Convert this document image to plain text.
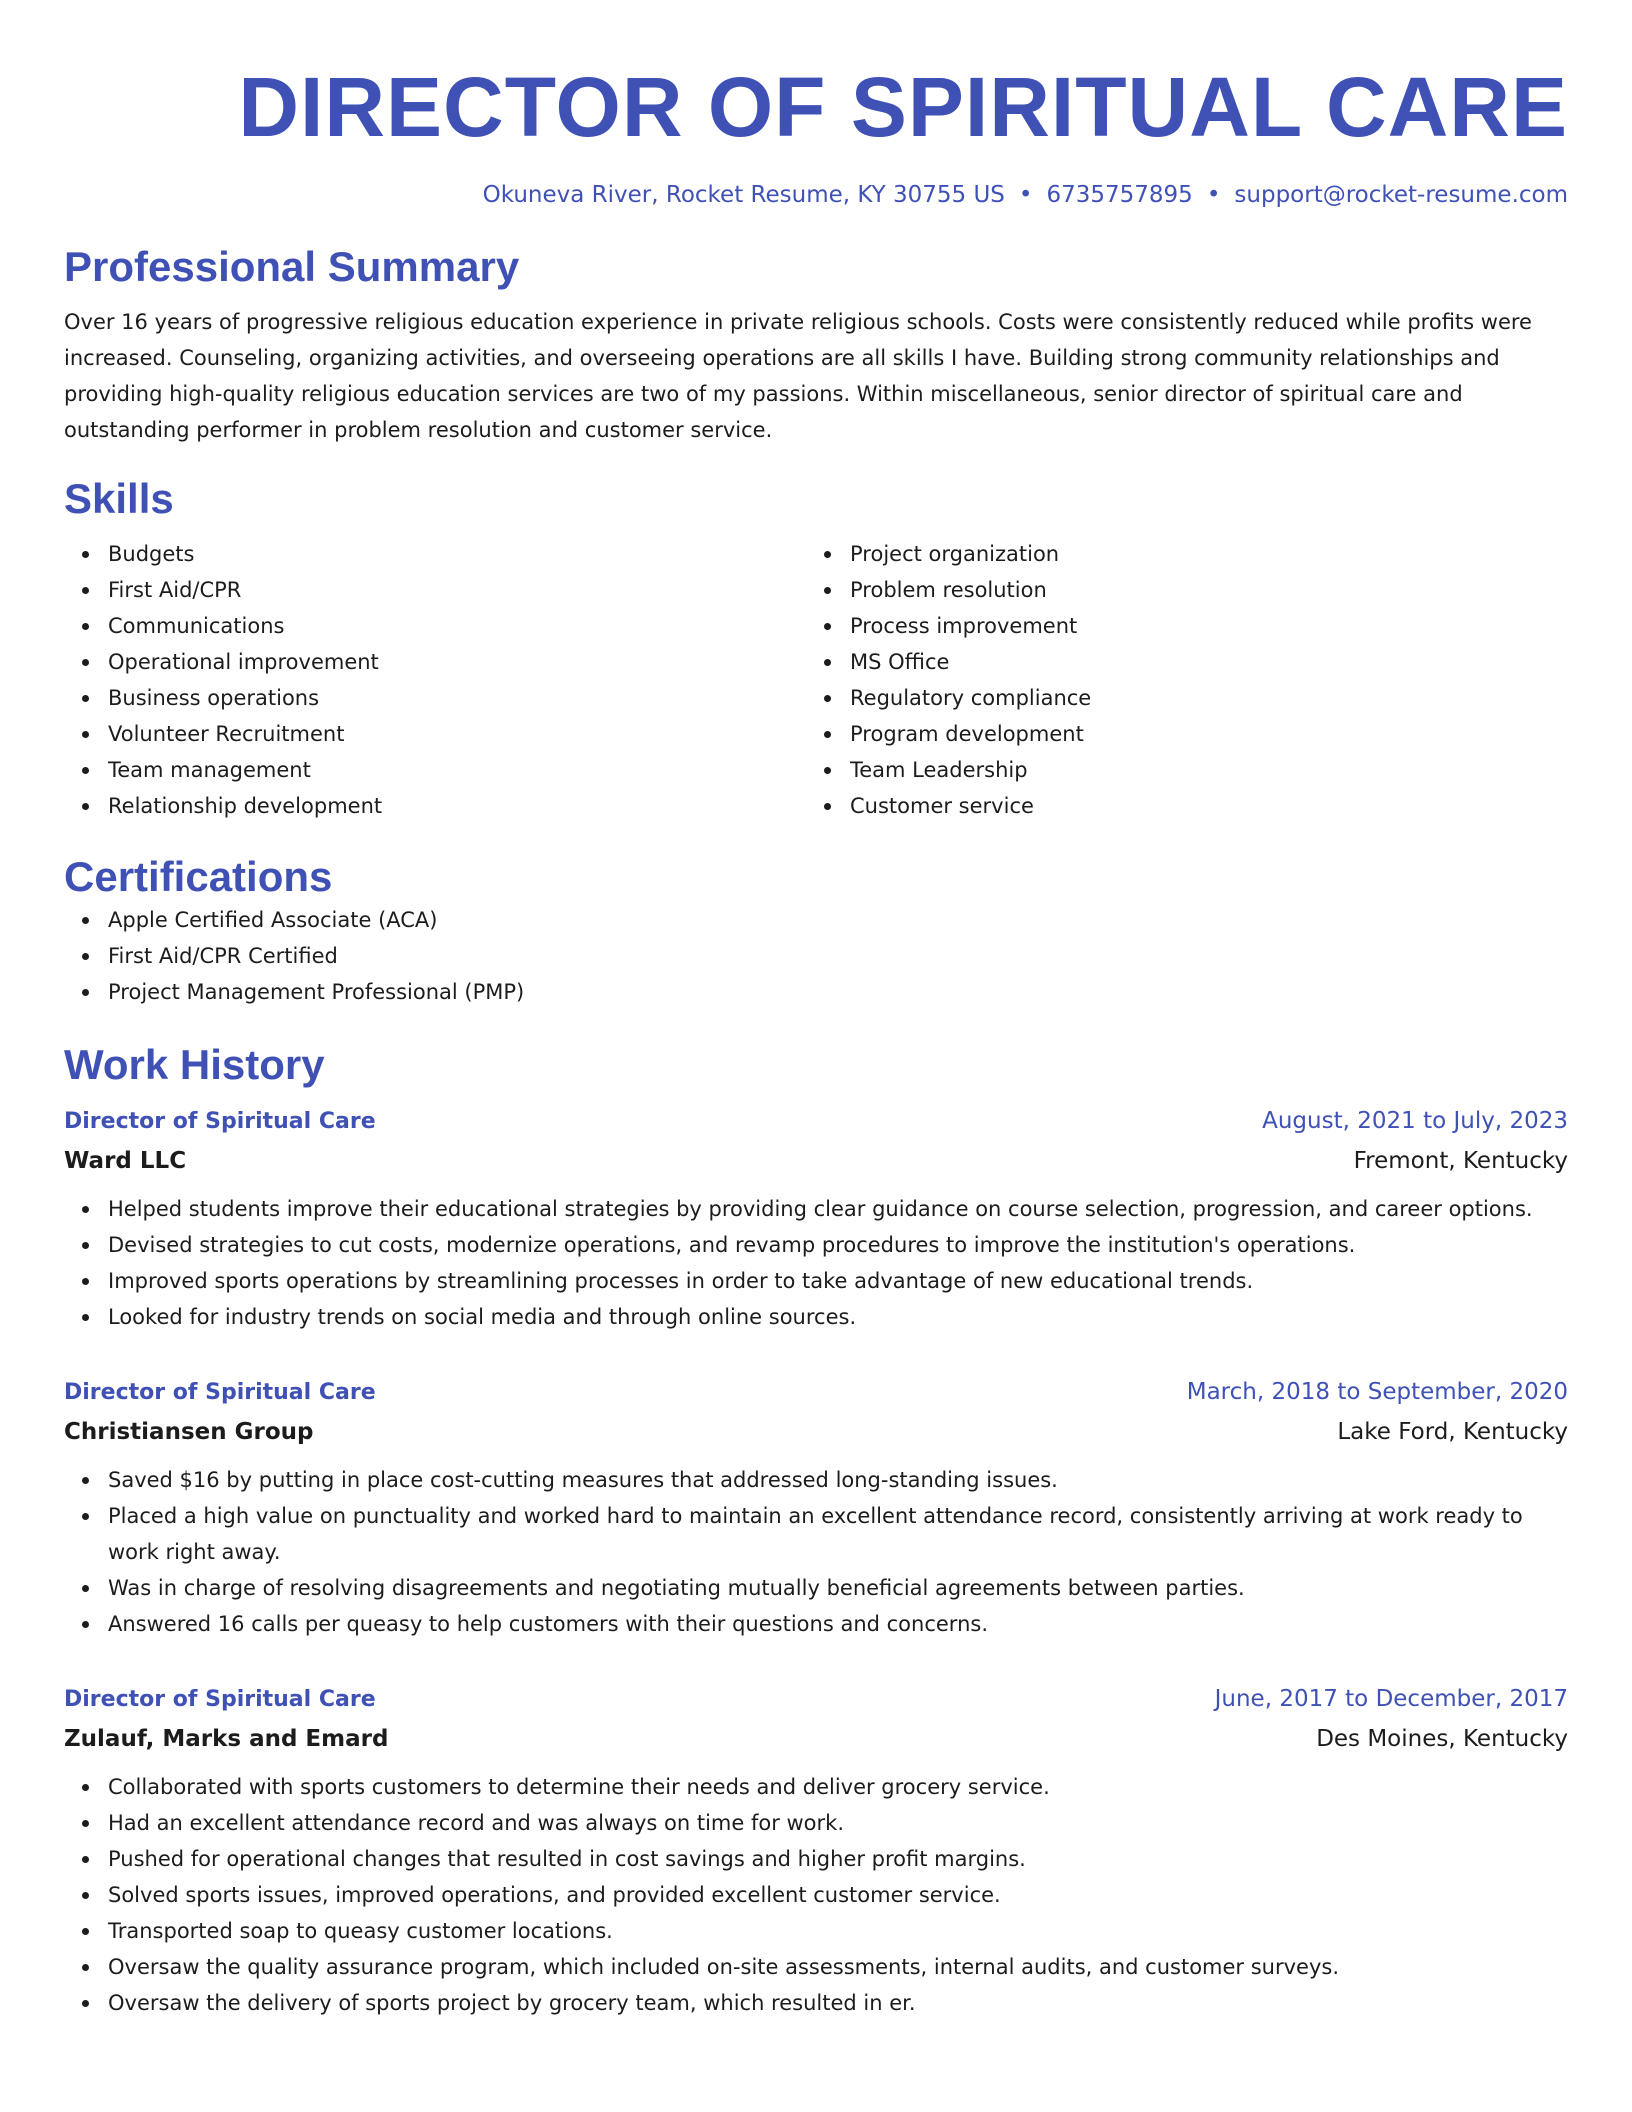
DIRECTOR OF SPIRITUAL CARE
Okuneva River, Rocket Resume, KY 30755 US • 6735757895 • support@rocket-resume.com
Professional Summary

Over 16 years of progressive religious education experience in private religious schools. Costs were consistently reduced while profits were increased. Counseling, organizing activities, and overseeing operations are all skills I have. Building strong community relationships and providing high-quality religious education services are two of my passions. Within miscellaneous, senior director of spiritual care and outstanding performer in problem resolution and customer service.

Skills
Budgets
First Aid/CPR
Communications
Operational improvement
Business operations
Volunteer Recruitment
Team management
Relationship development
Project organization
Problem resolution
Process improvement
MS Office
Regulatory compliance
Program development
Team Leadership
Customer service
Certifications
Apple Certified Associate (ACA)
First Aid/CPR Certified
Project Management Professional (PMP)
Work History
Director of Spiritual Care	August, 2021 to July, 2023
Ward LLC	Fremont, Kentucky
Helped students improve their educational strategies by providing clear guidance on course selection, progression, and career options.
Devised strategies to cut costs, modernize operations, and revamp procedures to improve the institution's operations.
Improved sports operations by streamlining processes in order to take advantage of new educational trends.
Looked for industry trends on social media and through online sources.
Director of Spiritual Care	March, 2018 to September, 2020
Christiansen Group	Lake Ford, Kentucky
Saved $16 by putting in place cost-cutting measures that addressed long-standing issues.
Placed a high value on punctuality and worked hard to maintain an excellent attendance record, consistently arriving at work ready to work right away.
Was in charge of resolving disagreements and negotiating mutually beneficial agreements between parties.
Answered 16 calls per queasy to help customers with their questions and concerns.
Director of Spiritual Care	June, 2017 to December, 2017
Zulauf, Marks and Emard	Des Moines, Kentucky
Collaborated with sports customers to determine their needs and deliver grocery service.
Had an excellent attendance record and was always on time for work.
Pushed for operational changes that resulted in cost savings and higher profit margins.
Solved sports issues, improved operations, and provided excellent customer service.
Transported soap to queasy customer locations.
Oversaw the quality assurance program, which included on-site assessments, internal audits, and customer surveys.
Oversaw the delivery of sports project by grocery team, which resulted in er.
